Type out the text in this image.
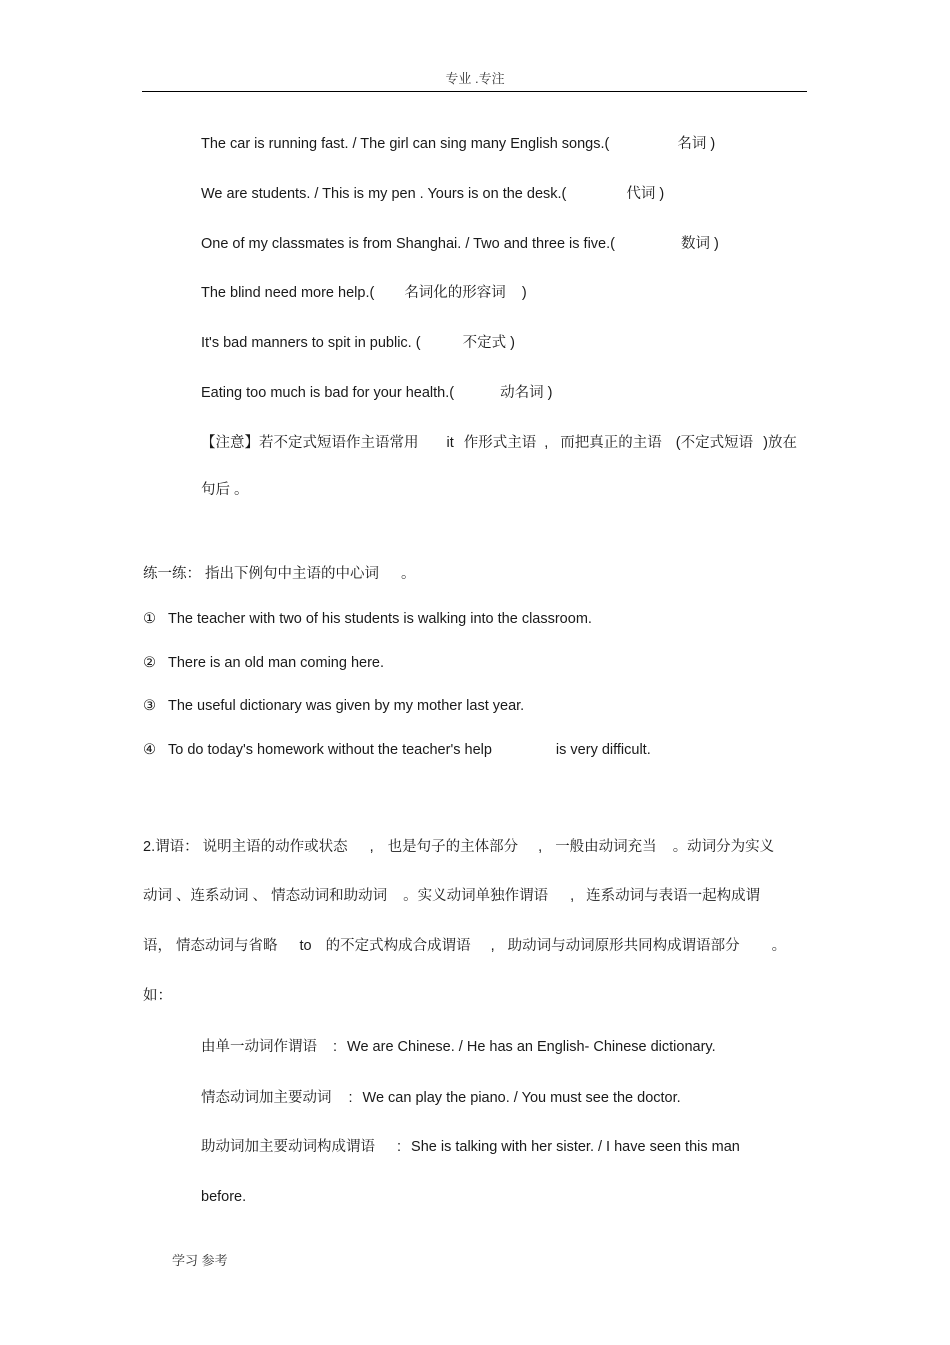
专业 .专注
The car is running fast. / The girl can sing many English songs.(	名词 )
We are students. / This is my pen . Yours is on the desk.(	代词 )
One of my classmates is from Shanghai. / Two and three is five.(	数词 )
The blind need more help.( 名词化的形容词 )
It's bad manners to spit in public. (	不定式 )
Eating too much is bad for your health.(	动名词 )
【注意】若不定式短语作主语常用 it 作形式主语 , 而把真正的主语 (不定式短语 )放在
句后 。
练一练： 指出下例句中主语的中心词 。
① The teacher with two of his students is walking into the classroom.
② There is an old man coming here.
③ The useful dictionary was given by my mother last year.
④ To do today's homework without the teacher's help	is very difficult.
2.谓语： 说明主语的动作或状态 , 也是句子的主体部分 , 一般由动词充当 。动词分为实义
动词 、连系动词 、 情态动词和助动词 。实义动词单独作谓语 , 连系动词与表语一起构成谓
语， 情态动词与省略 to 的不定式构成合成谓语 , 助动词与动词原形共同构成谓语部分 。
如：
由单一动词作谓语 : We are Chinese. / He has an English- Chinese dictionary.
情态动词加主要动词 : We can play the piano. / You must see the doctor.
助动词加主要动词构成谓语 : She is talking with her sister. / I have seen this man
before.
学习 参考
